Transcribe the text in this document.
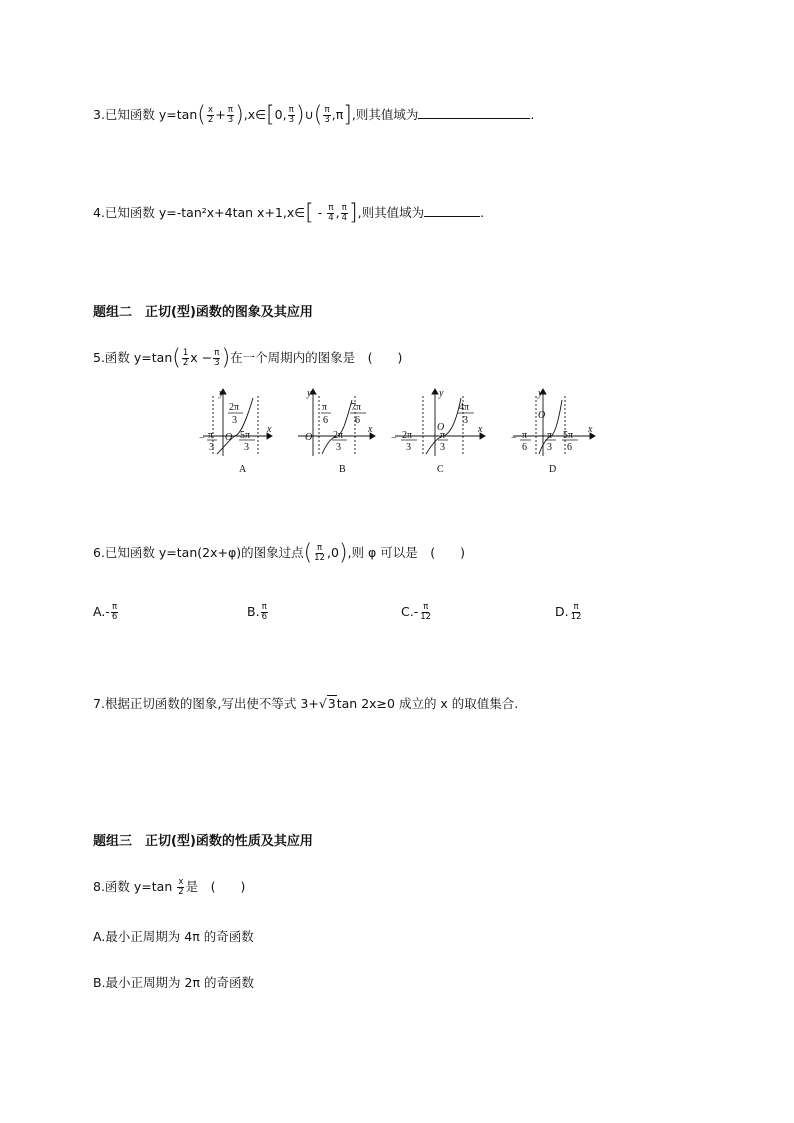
3.已知函数 $y=\tan( \frac{x}{2} + \frac{\pi}{3}$ ),x∈[0, $\frac{\pi}{3}$ )∪( $\frac{\pi}{3} ,\pi$],则其值域为	.
4.已知函数 y=-tan²x+4tan x+1,x∈[ - $\frac{\pi}{4}$ , $\frac{\pi}{4}$ ],则其值域为	.
题组二　正切(型)函数的图象及其应用
5.函数 $y=\tan( \frac{1}{2}$ $x - \frac{\pi}{3}$ )在一个周期内的图象是　(　　)
y
x
O
2π
3
− π
3
5π
3
A
y
x
O
π
6
2π
3
7π
6
B
y
x
O
− 2π
3
π
3
4π
3
C
y
x
O
− π
6
π
3
5π
6
D
6.已知函数 y=tan(2x+φ)的图象过点( $\frac{\pi}{12} ,0$),则 φ 可以是　(　　)
$A.- \frac{\pi}{6}$	B. $\frac{\pi}{6}$	$C.- \frac{\pi}{12}$	D. $\frac{\pi}{12}$
7.根据正切函数的图象,写出使不等式 3+√3tan 2x≥0 成立的 x 的取值集合.
题组三　正切(型)函数的性质及其应用
8.函数 $y=\tan \frac{x}{2}$ 是　(　　)
A.最小正周期为 4π 的奇函数
B.最小正周期为 2π 的奇函数
